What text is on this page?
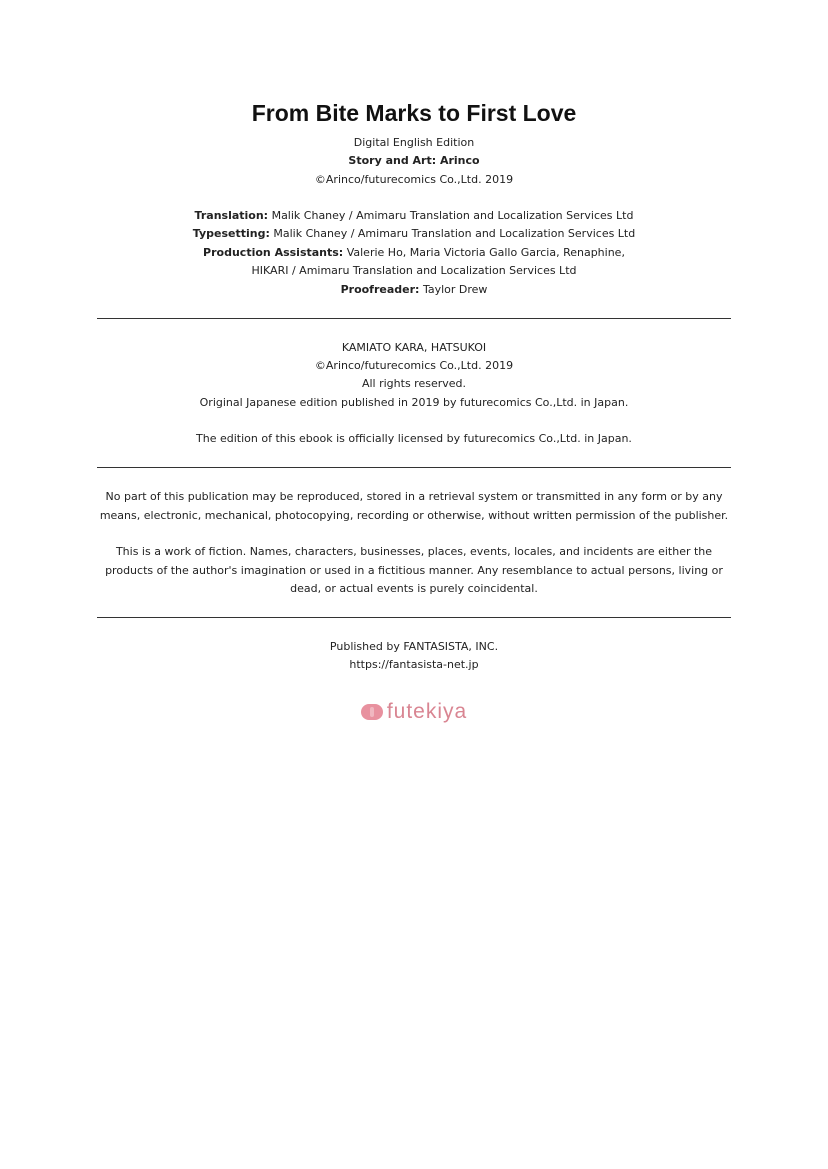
From Bite Marks to First Love
Digital English Edition
Story and Art: Arinco
©Arinco/futurecomics Co.,Ltd. 2019
Translation: Malik Chaney / Amimaru Translation and Localization Services Ltd
Typesetting: Malik Chaney / Amimaru Translation and Localization Services Ltd
Production Assistants: Valerie Ho, Maria Victoria Gallo Garcia, Renaphine,
HIKARI / Amimaru Translation and Localization Services Ltd
Proofreader: Taylor Drew
KAMIATO KARA, HATSUKOI
©Arinco/futurecomics Co.,Ltd. 2019
All rights reserved.
Original Japanese edition published in 2019 by futurecomics Co.,Ltd. in Japan.
The edition of this ebook is officially licensed by futurecomics Co.,Ltd. in Japan.
No part of this publication may be reproduced, stored in a retrieval system or transmitted in any form or by any
means, electronic, mechanical, photocopying, recording or otherwise, without written permission of the publisher.
This is a work of fiction. Names, characters, businesses, places, events, locales, and incidents are either the
products of the author's imagination or used in a fictitious manner. Any resemblance to actual persons, living or
dead, or actual events is purely coincidental.
Published by FANTASISTA, INC.
https://fantasista-net.jp
futekiya
